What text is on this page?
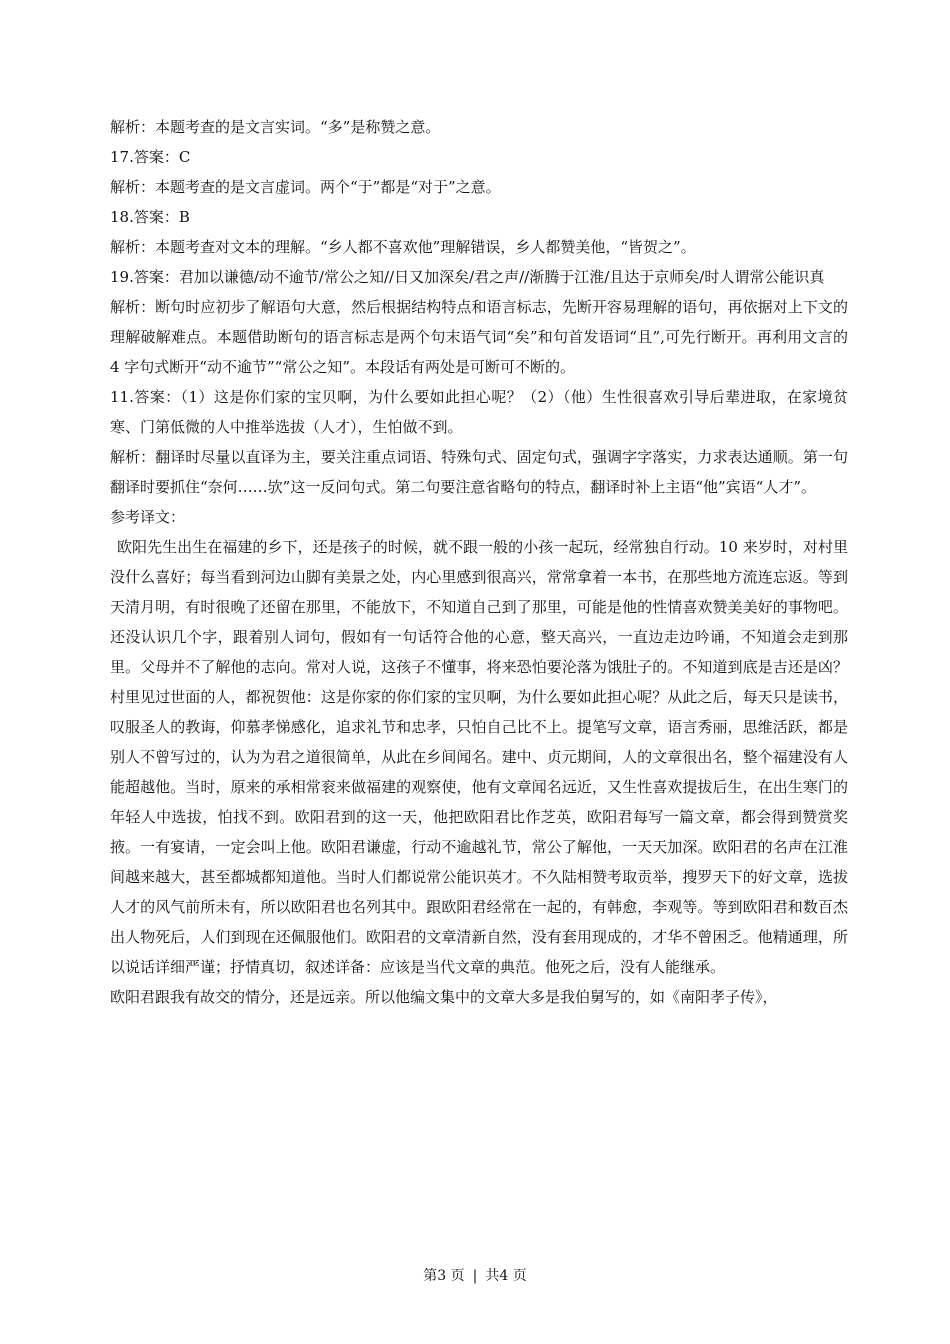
解析：本题考查的是文言实词。“多”是称赞之意。

17.答案：C

解析：本题考查的是文言虚词。两个“于”都是“对于”之意。

18.答案：B

解析：本题考查对文本的理解。“乡人都不喜欢他”理解错误，乡人都赞美他，“皆贺之”。

19.答案：君加以谦德/动不逾节/常公之知//日又加深矣/君之声//渐腾于江淮/且达于京师矣/时人谓常公能识真

解析：断句时应初步了解语句大意，然后根据结构特点和语言标志，先断开容易理解的语句，再依据对上下文的理解破解难点。本题借助断句的语言标志是两个句末语气词“矣”和句首发语词“且”,可先行断开。再利用文言的 4 字句式断开“动不逾节”“常公之知”。本段话有两处是可断可不断的。

11.答案：（1）这是你们家的宝贝啊，为什么要如此担心呢？（2）（他）生性很喜欢引导后辈进取，在家境贫寒、门第低微的人中推举选拔（人才），生怕做不到。

解析：翻译时尽量以直译为主，要关注重点词语、特殊句式、固定句式，强调字字落实，力求表达通顺。第一句翻译时要抓住“奈何……欤”这一反问句式。第二句要注意省略句的特点，翻译时补上主语“他”宾语“人才”。

参考译文：

欧阳先生出生在福建的乡下，还是孩子的时候，就不跟一般的小孩一起玩，经常独自行动。10 来岁时，对村里没什么喜好；每当看到河边山脚有美景之处，内心里感到很高兴，常常拿着一本书，在那些地方流连忘返。等到天清月明，有时很晚了还留在那里，不能放下，不知道自己到了那里，可能是他的性情喜欢赞美美好的事物吧。还没认识几个字，跟着别人词句，假如有一句话符合他的心意，整天高兴，一直边走边吟诵，不知道会走到那里。父母并不了解他的志向。常对人说，这孩子不懂事，将来恐怕要沦落为饿肚子的。不知道到底是吉还是凶？村里见过世面的人，都祝贺他：这是你家的你们家的宝贝啊，为什么要如此担心呢？从此之后，每天只是读书，叹服圣人的教诲，仰慕孝悌感化，追求礼节和忠孝，只怕自己比不上。提笔写文章，语言秀丽，思维活跃，都是别人不曾写过的，认为为君之道很简单，从此在乡间闻名。建中、贞元期间，人的文章很出名，整个福建没有人能超越他。当时，原来的承相常衮来做福建的观察使，他有文章闻名远近，又生性喜欢提拔后生，在出生寒门的年轻人中选拔，怕找不到。欧阳君到的这一天，他把欧阳君比作芝英，欧阳君每写一篇文章，都会得到赞赏奖掖。一有宴请，一定会叫上他。欧阳君谦虚，行动不逾越礼节，常公了解他，一天天加深。欧阳君的名声在江淮间越来越大，甚至都城都知道他。当时人们都说常公能识英才。不久陆相赞考取贡举，搜罗天下的好文章，选拔人才的风气前所未有，所以欧阳君也名列其中。跟欧阳君经常在一起的，有韩愈，李观等。等到欧阳君和数百杰出人物死后，人们到现在还佩服他们。欧阳君的文章清新自然，没有套用现成的，才华不曾困乏。他精通理，所以说话详细严谨；抒情真切，叙述详备：应该是当代文章的典范。他死之后，没有人能继承。

欧阳君跟我有故交的情分，还是远亲。所以他编文集中的文章大多是我伯舅写的，如《南阳孝子传》，

第3 页 | 共4 页
